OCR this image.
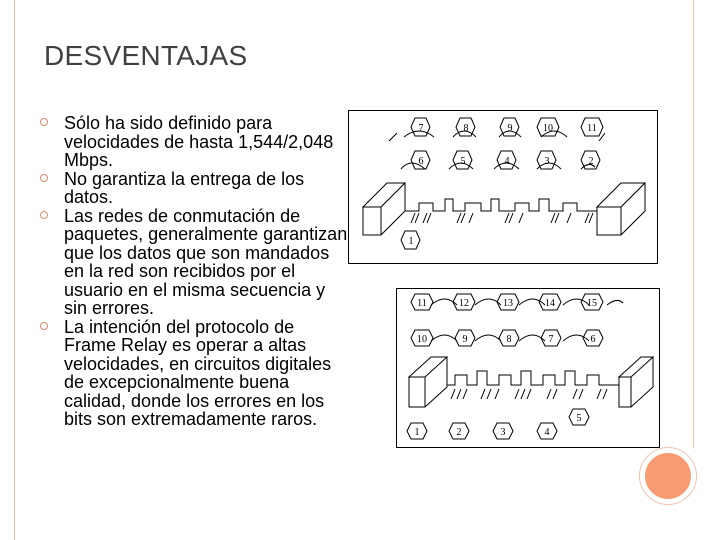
DESVENTAJAS
Sólo ha sido definido para velocidades de hasta 1,544/2,048 Mbps.
No garantiza la entrega de los datos.
Las redes de conmutación de paquetes, generalmente garantizan que los datos que son mandados en la red son recibidos por el usuario en el misma secuencia y sin errores.
La intención del protocolo de Frame Relay es operar a altas velocidades, en circuitos digitales de excepcionalmente buena calidad, donde los errores en los bits son extremadamente raros.
7	8	9	10	11
6	5	4	3	2
1
11	12	13	14	15
10	9	8	7	6
1	2	3	4
5
